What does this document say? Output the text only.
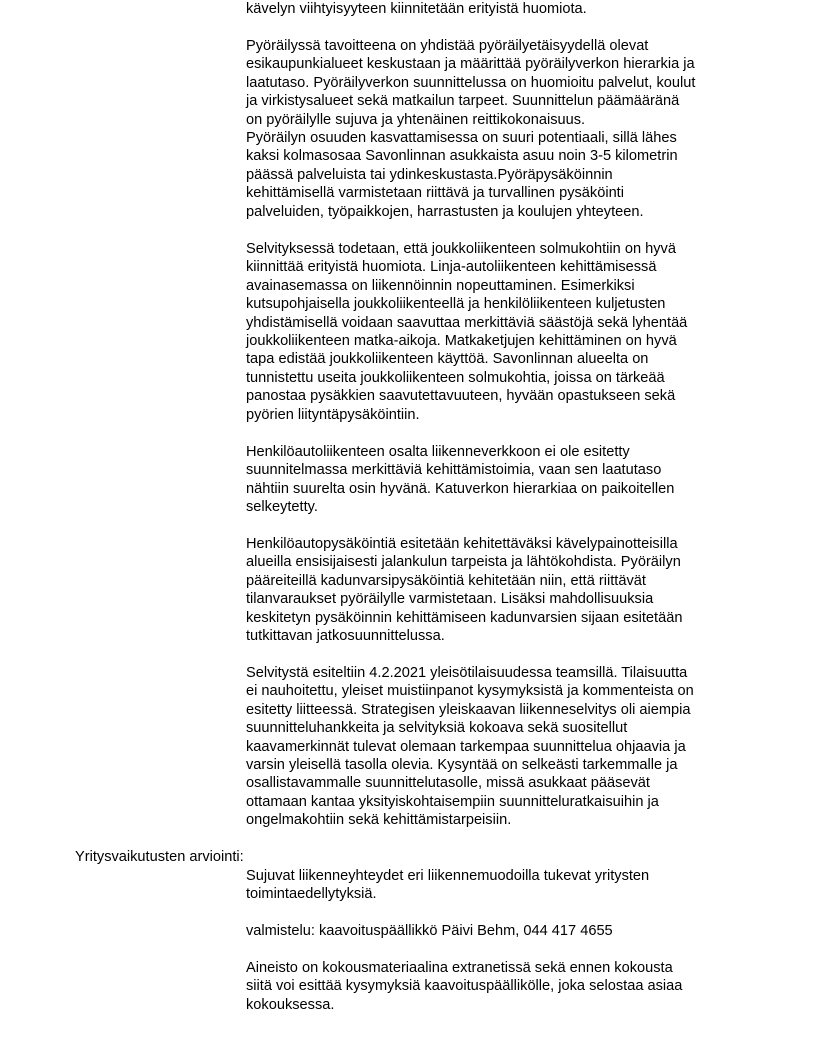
kävelyn viihtyisyyteen kiinnitetään erityistä huomiota.

Pyöräilyssä tavoitteena on yhdistää pyöräilyetäisyydellä olevat
esikaupunkialueet keskustaan ja määrittää pyöräilyverkon hierarkia ja
laatutaso. Pyöräilyverkon suunnittelussa on huomioitu palvelut, koulut
ja virkistysalueet sekä matkailun tarpeet. Suunnittelun päämääränä
on pyöräilylle sujuva ja yhtenäinen reittikokonaisuus.
Pyöräilyn osuuden kasvattamisessa on suuri potentiaali, sillä lähes
kaksi kolmasosaa Savonlinnan asukkaista asuu noin 3-5 kilometrin
päässä palveluista tai ydinkeskustasta.Pyöräpysäköinnin
kehittämisellä varmistetaan riittävä ja turvallinen pysäköinti
palveluiden, työpaikkojen, harrastusten ja koulujen yhteyteen.

Selvityksessä todetaan, että joukkoliikenteen solmukohtiin on hyvä
kiinnittää erityistä huomiota. Linja-autoliikenteen kehittämisessä
avainasemassa on liikennöinnin nopeuttaminen. Esimerkiksi
kutsupohjaisella joukkoliikenteellä ja henkilöliikenteen kuljetusten
yhdistämisellä voidaan saavuttaa merkittäviä säästöjä sekä lyhentää
joukkoliikenteen matka-aikoja. Matkaketjujen kehittäminen on hyvä
tapa edistää joukkoliikenteen käyttöä. Savonlinnan alueelta on
tunnistettu useita joukkoliikenteen solmukohtia, joissa on tärkeää
panostaa pysäkkien saavutettavuuteen, hyvään opastukseen sekä
pyörien liityntäpysäköintiin.

Henkilöautoliikenteen osalta liikenneverkkoon ei ole esitetty
suunnitelmassa merkittäviä kehittämistoimia, vaan sen laatutaso
nähtiin suurelta osin hyvänä. Katuverkon hierarkiaa on paikoitellen
selkeytetty.

Henkilöautopysäköintiä esitetään kehitettäväksi kävelypainotteisilla
alueilla ensisijaisesti jalankulun tarpeista ja lähtökohdista. Pyöräilyn
pääreiteillä kadunvarsipysäköintiä kehitetään niin, että riittävät
tilanvaraukset pyöräilylle varmistetaan. Lisäksi mahdollisuuksia
keskitetyn pysäköinnin kehittämiseen kadunvarsien sijaan esitetään
tutkittavan jatkosuunnittelussa.

Selvitystä esiteltiin 4.2.2021 yleisötilaisuudessa teamsillä. Tilaisuutta
ei nauhoitettu, yleiset muistiinpanot kysymyksistä ja kommenteista on
esitetty liitteessä. Strategisen yleiskaavan liikenneselvitys oli aiempia
suunnitteluhankkeita ja selvityksiä kokoava sekä suositellut
kaavamerkinnät tulevat olemaan tarkempaa suunnittelua ohjaavia ja
varsin yleisellä tasolla olevia. Kysyntää on selkeästi tarkemmalle ja
osallistavammalle suunnittelutasolle, missä asukkaat pääsevät
ottamaan kantaa yksityiskohtaisempiin suunnitteluratkaisuihin ja
ongelmakohtiin sekä kehittämistarpeisiin.

Yritysvaikutusten arviointi:

Sujuvat liikenneyhteydet eri liikennemuodoilla tukevat yritysten
toimintaedellytyksiä.

valmistelu: kaavoituspäällikkö Päivi Behm, 044 417 4655

Aineisto on kokousmateriaalina extranetissä sekä ennen kokousta
siitä voi esittää kysymyksiä kaavoituspäällikölle, joka selostaa asiaa
kokouksessa.
